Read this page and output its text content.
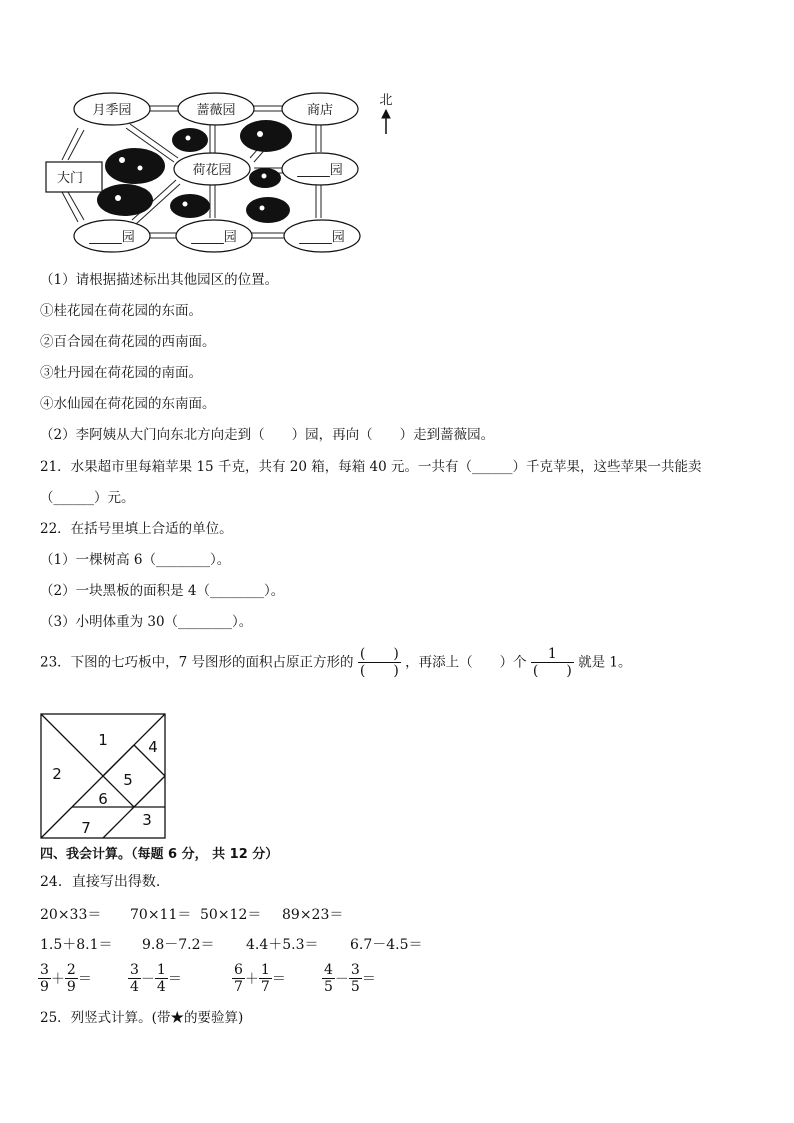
月季园	蔷薇园	商店
荷花园	_____园
_____园	_____园	_____园
大门
北
（1）请根据描述标出其他园区的位置。
①桂花园在荷花园的东面。
②百合园在荷花园的西南面。
③牡丹园在荷花园的南面。
④水仙园在荷花园的东南面。
（2）李阿姨从大门向东北方向走到（　　）园，再向（　　）走到蔷薇园。
21．水果超市里每箱苹果 15 千克，共有 20 箱，每箱 40 元。一共有（______）千克苹果，这些苹果一共能卖
（______）元。
22．在括号里填上合适的单位。
（1）一棵树高 6（________）。
（2）一块黑板的面积是 4（________）。
（3）小明体重为 30（________）。
23．下图的七巧板中，7 号图形的面积占原正方形的 $\frac{( )}{( )}$ ，再添上（　　）个 $\frac{1}{( )}$ 就是 1。
1
2
3
4
5
6
7
四、我会计算。（每题 6 分， 共 12 分）
24．直接写出得数.
20×33＝ 70×11＝ 50×12＝ 89×23＝
1.5＋8.1＝ 9.8－7.2＝ 4.4＋5.3＝ 6.7－4.5＝
$\frac{3}{9} + \frac{2}{9}$ ＝	$\frac{3}{4} - \frac{1}{4}$ ＝	$\frac{6}{7} + \frac{1}{7}$ ＝	$\frac{4}{5} - \frac{3}{5}$ ＝
25．列竖式计算。(带★的要验算)
